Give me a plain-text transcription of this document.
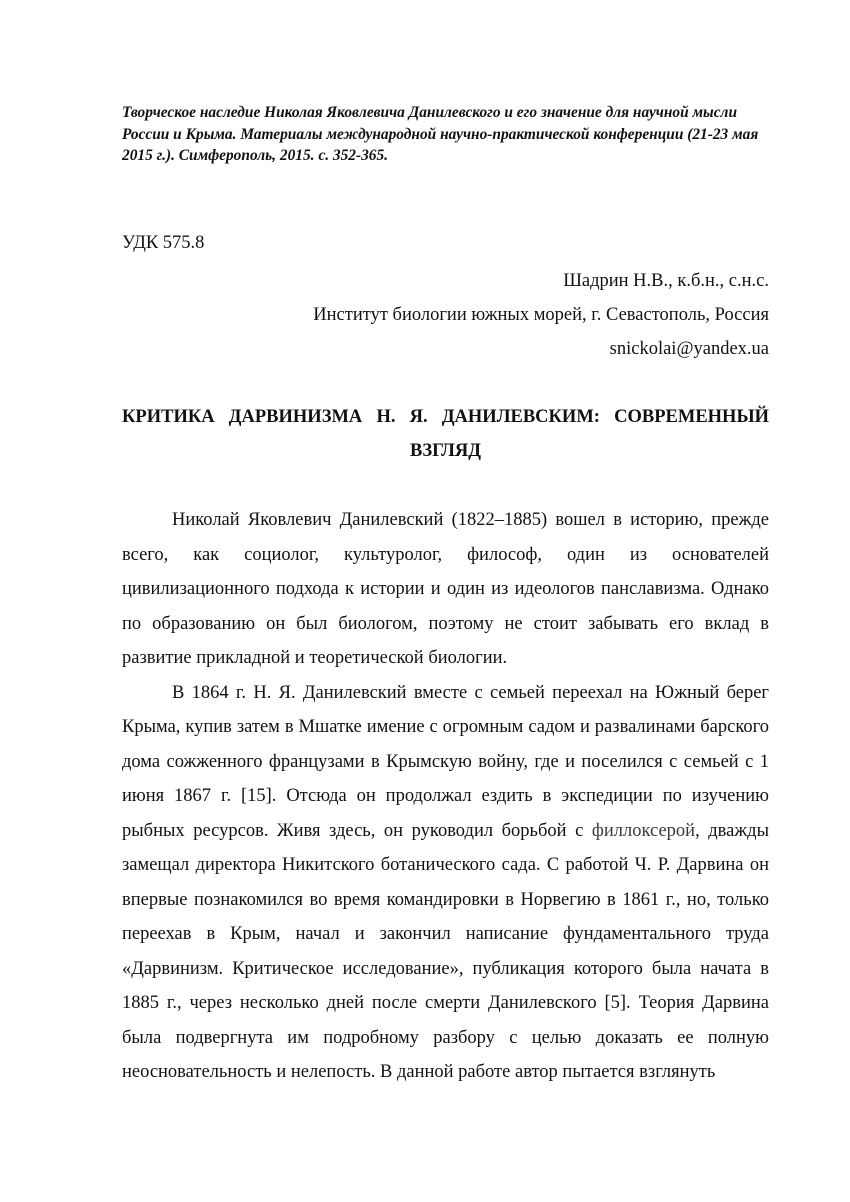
Творческое наследие Николая Яковлевича Данилевского и его значение для научной мысли России и Крыма. Материалы международной научно-практической конференции (21-23 мая 2015 г.). Симферополь, 2015. с. 352-365.
УДК 575.8
Шадрин Н.В., к.б.н., с.н.с.
Институт биологии южных морей, г. Севастополь, Россия
snickolai@yandex.ua
КРИТИКА ДАРВИНИЗМА Н. Я. ДАНИЛЕВСКИМ: СОВРЕМЕННЫЙ
ВЗГЛЯД

Николай Яковлевич Данилевский (1822–1885) вошел в историю, прежде всего, как социолог, культуролог, философ, один из основателей цивилизационного подхода к истории и один из идеологов панславизма. Однако по образованию он был биологом, поэтому не стоит забывать его вклад в развитие прикладной и теоретической биологии.

В 1864 г. Н. Я. Данилевский вместе с семьей переехал на Южный берег Крыма, купив затем в Мшатке имение с огромным садом и развалинами барского дома сожженного французами в Крымскую войну, где и поселился с семьей с 1 июня 1867 г. [15]. Отсюда он продолжал ездить в экспедиции по изучению рыбных ресурсов. Живя здесь, он руководил борьбой с филлоксерой, дважды замещал директора Никитского ботанического сада. С работой Ч. Р. Дарвина он впервые познакомился во время командировки в Норвегию в 1861 г., но, только переехав в Крым, начал и закончил написание фундаментального труда «Дарвинизм. Критическое исследование», публикация которого была начата в 1885 г., через несколько дней после смерти Данилевского [5]. Теория Дарвина была подвергнута им подробному разбору с целью доказать ее полную неосновательность и нелепость. В данной работе автор пытается взглянуть
